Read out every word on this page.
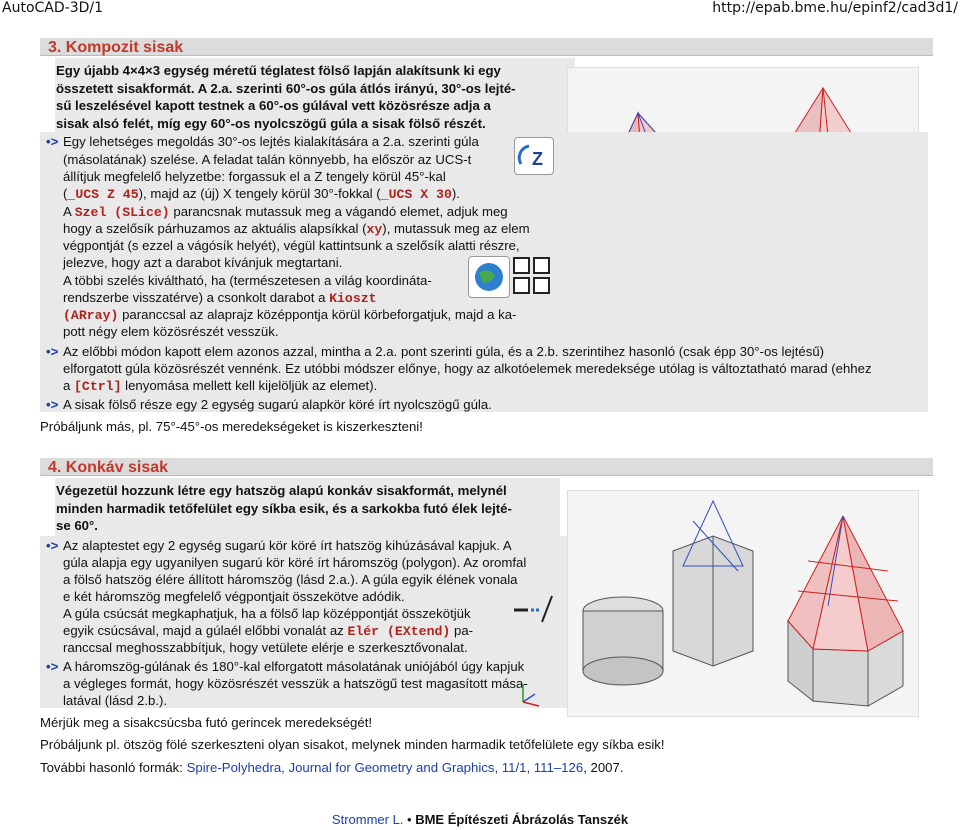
AutoCAD-3D/1	http://epab.bme.hu/epinf2/cad3d1/
3. Kompozit sisak
Egy újabb 4×4×3 egység méretű téglatest fölső lapján alakítsunk ki egy
összetett sisakformát. A 2.a. szerinti 60°-os gúla átlós irányú, 30°-os lejté-
sű leszelésével kapott testnek a 60°-os gúlával vett közösrésze adja a
sisak alsó felét, míg egy 60°-os nyolcszögű gúla a sisak fölső részét.
•> Egy lehetséges megoldás 30°-os lejtés kialakítására a 2.a. szerinti gúla
(másolatának) szelése. A feladat talán könnyebb, ha először az UCS-t
állítjuk megfelelő helyzetbe: forgassuk el a Z tengely körül 45°-kal
(_UCS Z 45), majd az (új) X tengely körül 30°-fokkal (_UCS X 30).
A Szel (SLice) parancsnak mutassuk meg a vágandó elemet, adjuk meg
hogy a szelősík párhuzamos az aktuális alapsíkkal (xy), mutassuk meg az elem
végpontját (s ezzel a vágósík helyét), végül kattintsunk a szelősík alatti részre,
jelezve, hogy azt a darabot kívánjuk megtartani.
A többi szelés kiváltható, ha (természetesen a világ koordináta-
rendszerbe visszatérve) a csonkolt darabot a Kioszt
(ARray) paranccsal az alaprajz középpontja körül körbeforgatjuk, majd a ka-
pott négy elem közösrészét vesszük.
Z
•> Az előbbi módon kapott elem azonos azzal, mintha a 2.a. pont szerinti gúla, és a 2.b. szerintihez hasonló (csak épp 30°-os lejtésű)
elforgatott gúla közösrészét vennénk. Ez utóbbi módszer előnye, hogy az alkotóelemek meredeksége utólag is változtatható marad (ehhez
a [Ctrl] lenyomása mellett kell kijelöljük az elemet).
•> A sisak fölső része egy 2 egység sugarú alapkör köré írt nyolcszögű gúla.
Próbáljunk más, pl. 75°-45°-os meredekségeket is kiszerkeszteni!
4. Konkáv sisak
Végezetül hozzunk létre egy hatszög alapú konkáv sisakformát, melynél
minden harmadik tetőfelület egy síkba esik, és a sarkokba futó élek lejté-
se 60°.
•> Az alaptestet egy 2 egység sugarú kör köré írt hatszög kihúzásával kapjuk. A
gúla alapja egy ugyanilyen sugarú kör köré írt háromszög (polygon). Az oromfal
a fölső hatszög élére állított háromszög (lásd 2.a.). A gúla egyik élének vonala
e két háromszög megfelelő végpontjait összekötve adódik.
A gúla csúcsát megkaphatjuk, ha a fölső lap középpontját összekötjük
egyik csúcsával, majd a gúlaél előbbi vonalát az Elér (EXtend) pa-
ranccsal meghosszabbítjuk, hogy vetülete elérje e szerkesztővonalat.
•> A háromszög-gúlának és 180°-kal elforgatott másolatának uniójából úgy kapjuk
a végleges formát, hogy közösrészét vesszük a hatszögű test magasított mása-
latával (lásd 2.b.).
Mérjük meg a sisakcsúcsba futó gerincek meredekségét!
Próbáljunk pl. ötszög fölé szerkeszteni olyan sisakot, melynek minden harmadik tetőfelülete egy síkba esik!
További hasonló formák: Spire-Polyhedra, Journal for Geometry and Graphics, 11/1, 111–126, 2007.
Strommer L. • BME Építészeti Ábrázolás Tanszék
